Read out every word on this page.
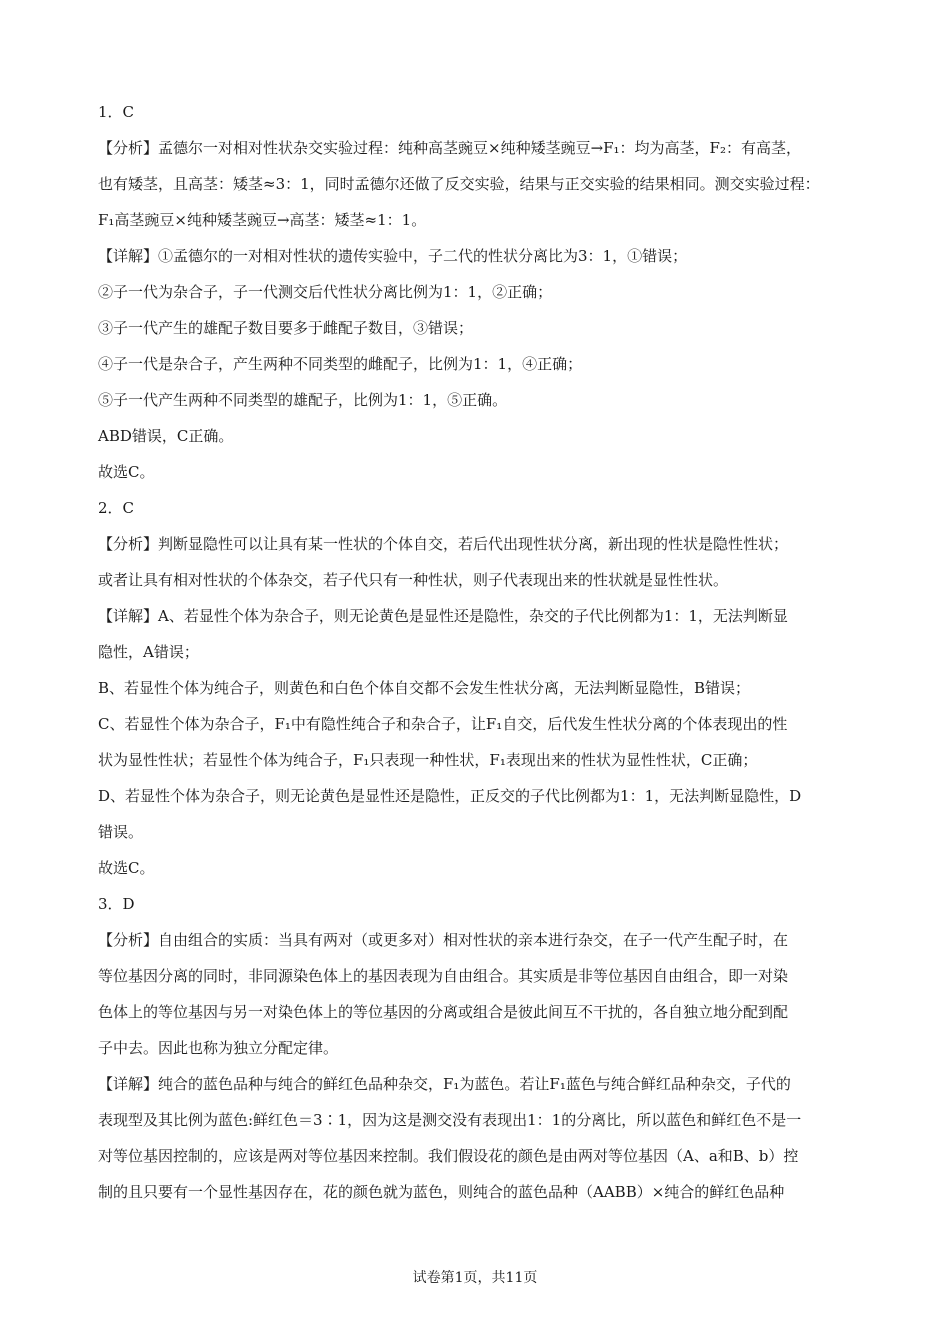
1．C

【分析】孟德尔一对相对性状杂交实验过程：纯种高茎豌豆×纯种矮茎豌豆→F₁：均为高茎，F₂：有高茎，

也有矮茎，且高茎：矮茎≈3：1，同时孟德尔还做了反交实验，结果与正交实验的结果相同。测交实验过程：

F₁高茎豌豆×纯种矮茎豌豆→高茎：矮茎≈1：1。

【详解】①孟德尔的一对相对性状的遗传实验中，子二代的性状分离比为3：1，①错误；

②子一代为杂合子，子一代测交后代性状分离比例为1：1，②正确；

③子一代产生的雄配子数目要多于雌配子数目，③错误；

④子一代是杂合子，产生两种不同类型的雌配子，比例为1：1，④正确；

⑤子一代产生两种不同类型的雄配子，比例为1：1，⑤正确。

ABD错误，C正确。

故选C。

2．C

【分析】判断显隐性可以让具有某一性状的个体自交，若后代出现性状分离，新出现的性状是隐性性状；

或者让具有相对性状的个体杂交，若子代只有一种性状，则子代表现出来的性状就是显性性状。

【详解】A、若显性个体为杂合子，则无论黄色是显性还是隐性，杂交的子代比例都为1：1，无法判断显

隐性，A错误；

B、若显性个体为纯合子，则黄色和白色个体自交都不会发生性状分离，无法判断显隐性，B错误；

C、若显性个体为杂合子，F₁中有隐性纯合子和杂合子，让F₁自交，后代发生性状分离的个体表现出的性

状为显性性状；若显性个体为纯合子，F₁只表现一种性状，F₁表现出来的性状为显性性状，C正确；

D、若显性个体为杂合子，则无论黄色是显性还是隐性，正反交的子代比例都为1：1，无法判断显隐性，D

错误。

故选C。

3．D

【分析】自由组合的实质：当具有两对（或更多对）相对性状的亲本进行杂交，在子一代产生配子时，在

等位基因分离的同时，非同源染色体上的基因表现为自由组合。其实质是非等位基因自由组合，即一对染

色体上的等位基因与另一对染色体上的等位基因的分离或组合是彼此间互不干扰的，各自独立地分配到配

子中去。因此也称为独立分配定律。

【详解】纯合的蓝色品种与纯合的鲜红色品种杂交，F₁为蓝色。若让F₁蓝色与纯合鲜红品种杂交，子代的

表现型及其比例为蓝色:鲜红色＝3∶1，因为这是测交没有表现出1：1的分离比，所以蓝色和鲜红色不是一

对等位基因控制的，应该是两对等位基因来控制。我们假设花的颜色是由两对等位基因（A、a和B、b）控

制的且只要有一个显性基因存在，花的颜色就为蓝色，则纯合的蓝色品种（AABB）×纯合的鲜红色品种

试卷第1页，共11页
